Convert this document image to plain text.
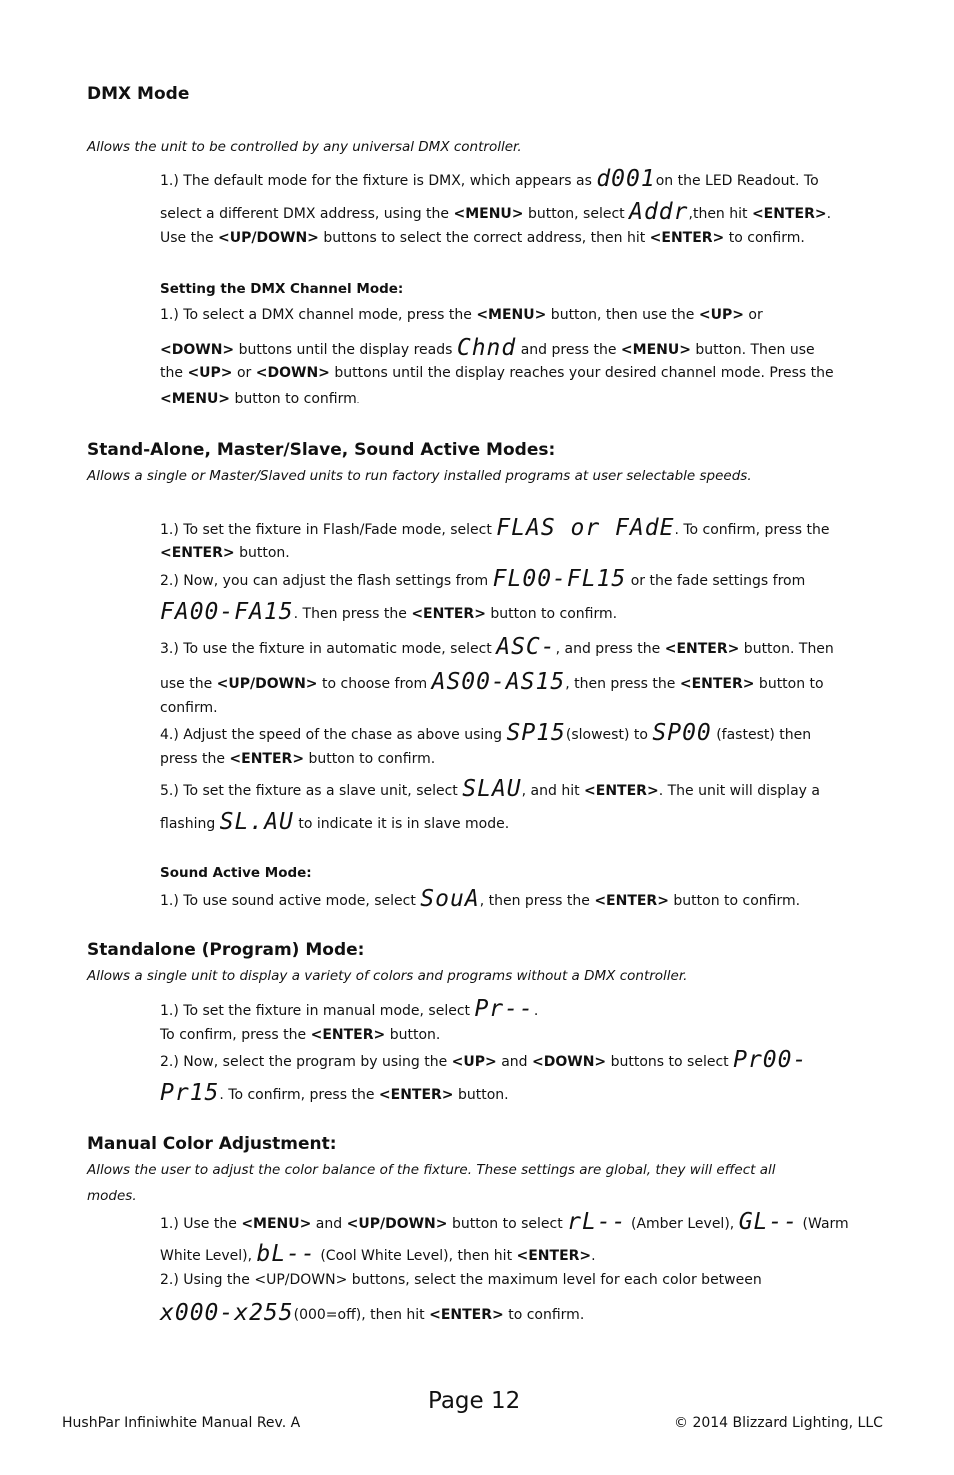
DMX Mode
Allows the unit to be controlled by any universal DMX controller.
1.) The default mode for the fixture is DMX, which appears as d001on the LED Readout. To
select a different DMX address, using the <MENU> button, select Addr,then hit <ENTER>.
Use the <UP/DOWN> buttons to select the correct address, then hit <ENTER> to confirm.
Setting the DMX Channel Mode:
1.) To select a DMX channel mode, press the <MENU> button, then use the <UP> or
<DOWN> buttons until the display reads Chnd and press the <MENU> button. Then use
the <UP> or <DOWN> buttons until the display reaches your desired channel mode. Press the
<MENU> button to confirm.
Stand-Alone, Master/Slave, Sound Active Modes:
Allows a single or Master/Slaved units to run factory installed programs at user selectable speeds.
1.) To set the fixture in Flash/Fade mode, select FLAS or FAdE. To confirm, press the
<ENTER> button.
2.) Now, you can adjust the flash settings from FL00-FL15 or the fade settings from
FA00-FA15. Then press the <ENTER> button to confirm.
3.) To use the fixture in automatic mode, select ASC-, and press the <ENTER> button. Then
use the <UP/DOWN> to choose from AS00-AS15, then press the <ENTER> button to
confirm.
4.) Adjust the speed of the chase as above using SP15(slowest) to SP00 (fastest) then
press the <ENTER> button to confirm.
5.) To set the fixture as a slave unit, select SLAU, and hit <ENTER>. The unit will display a
flashing SL.AU to indicate it is in slave mode.
Sound Active Mode:
1.) To use sound active mode, select SouA, then press the <ENTER> button to confirm.
Standalone (Program) Mode:
Allows a single unit to display a variety of colors and programs without a DMX controller.
1.) To set the fixture in manual mode, select Pr--.
To confirm, press the <ENTER> button.
2.) Now, select the program by using the <UP> and <DOWN> buttons to select Pr00-
Pr15. To confirm, press the <ENTER> button.
Manual Color Adjustment:
Allows the user to adjust the color balance of the fixture. These settings are global, they will effect all
modes.
1.) Use the <MENU> and <UP/DOWN> button to select rL-- (Amber Level), GL-- (Warm
White Level), bL-- (Cool White Level), then hit <ENTER>.
2.) Using the <UP/DOWN> buttons, select the maximum level for each color between
x000-x255(000=off), then hit <ENTER> to confirm.
Page 12
HushPar Infiniwhite Manual Rev. A	© 2014 Blizzard Lighting, LLC
